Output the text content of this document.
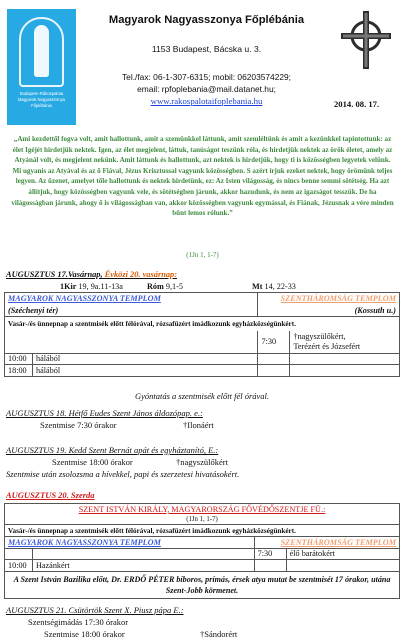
Budapest–Rákospalota
Magyarok Nagyasszonya
Főplébánia
Magyarok Nagyasszonya Főplébánia
1153 Budapest, Bácska u. 3.
Tel./fax: 06-1-307-6315; mobil: 06203574229;
email: rpfoplebania@mail.datanet.hu;
www.rakospalotaifoplebania.hu	2014. 08. 17.
„Ami kezdettől fogva volt, amit hallottunk, amit a szemünkkel láttunk, amit szemléltünk és amit a kezünkkel tapintottunk: az élet Igéjét hirdetjük nektek. Igen, az élet megjelent, láttuk, tanúságot teszünk róla, és hirdetjük nektek az örök életet, amely az Atyánál volt, és megjelent nekünk. Amit láttunk és hallottunk, azt nektek is hirdetjük, hogy ti is közösségben legyetek velünk. Mi ugyanis az Atyával és az ő Fiával, Jézus Krisztussal vagyunk közösségben. S azért írjuk ezeket nektek, hogy örömünk teljes legyen. Az üzenet, amelyet tőle hallottunk és nektek hirdetünk, ez: Az Isten világosság, és nincs benne semmi sötétség. Ha azt állítjuk, hogy közösségben vagyunk vele, és sötétségben járunk, akkor hazudunk, és nem az igazságot tesszük. De ha világosságban járunk, ahogy ő is világosságban van, akkor közösségben vagyunk egymással, és Fiának, Jézusnak a vére minden bűnt lemos rólunk.”
(1Jn 1, 1-7)
AUGUSZTUS 17.Vasárnap, Évközi 20. vasárnap:
1Kir 19, 9a.11-13a	Róm 9,1-5	Mt 14, 22-33
MAGYAROK NAGYASSZONYA TEMPLOM		SZENTHÁROMSÁG TEMPLOM	
(Széchenyi tér)		(Kossuth u.)	
Vasár-/és ünnepnap a szentmisék előtt félórával, rózsafüzért imádkozunk egyházközségünkért.			
		7:30	†nagyszülőkért,
Terézért és Józsefért

10:00	hálából		
18:00	hálából		
Gyóntatás a szentmisék előtt fél órával.
AUGUSZTUS 18. Hétfő Eudes Szent János áldozópap. e.:
Szentmise 7:30 órakor	†Ilonáért
AUGUSZTUS 19. Kedd Szent Bernát apát és egyháztanító, E.:
Szentmise 18:00 órakor	†nagyszülőkért
Szentmise után zsolozsma a hívekkel, papi és szerzetesi hivatásokért.
AUGUSZTUS 20. Szerda
SZENT ISTVÁN KIRÁLY, MAGYARORSZÁG FŐVÉDŐSZENTJE FÜ.:			
(1Jn 1, 1-7)			
Vasár-/és ünnepnap a szentmisék előtt félórával, rózsafüzért imádkozunk egyházközségünkért.			
MAGYAROK NAGYASSZONYA TEMPLOM		SZENTHÁROMSÁG TEMPLOM	
		7:30	élő barátokért
10:00	Hazánkért		
A Szent István Bazilika előtt, Dr. ERDŐ PÉTER bíboros, prímás, érsek atya mutat be szentmisét 17 órakor, utána Szent-Jobb körmenet.			
AUGUSZTUS 21. Csütörtök Szent X. Piusz pápa E.:
Szentségimádás 17:30 órakor
Szentmise 18:00 órakor	†Sándorért
